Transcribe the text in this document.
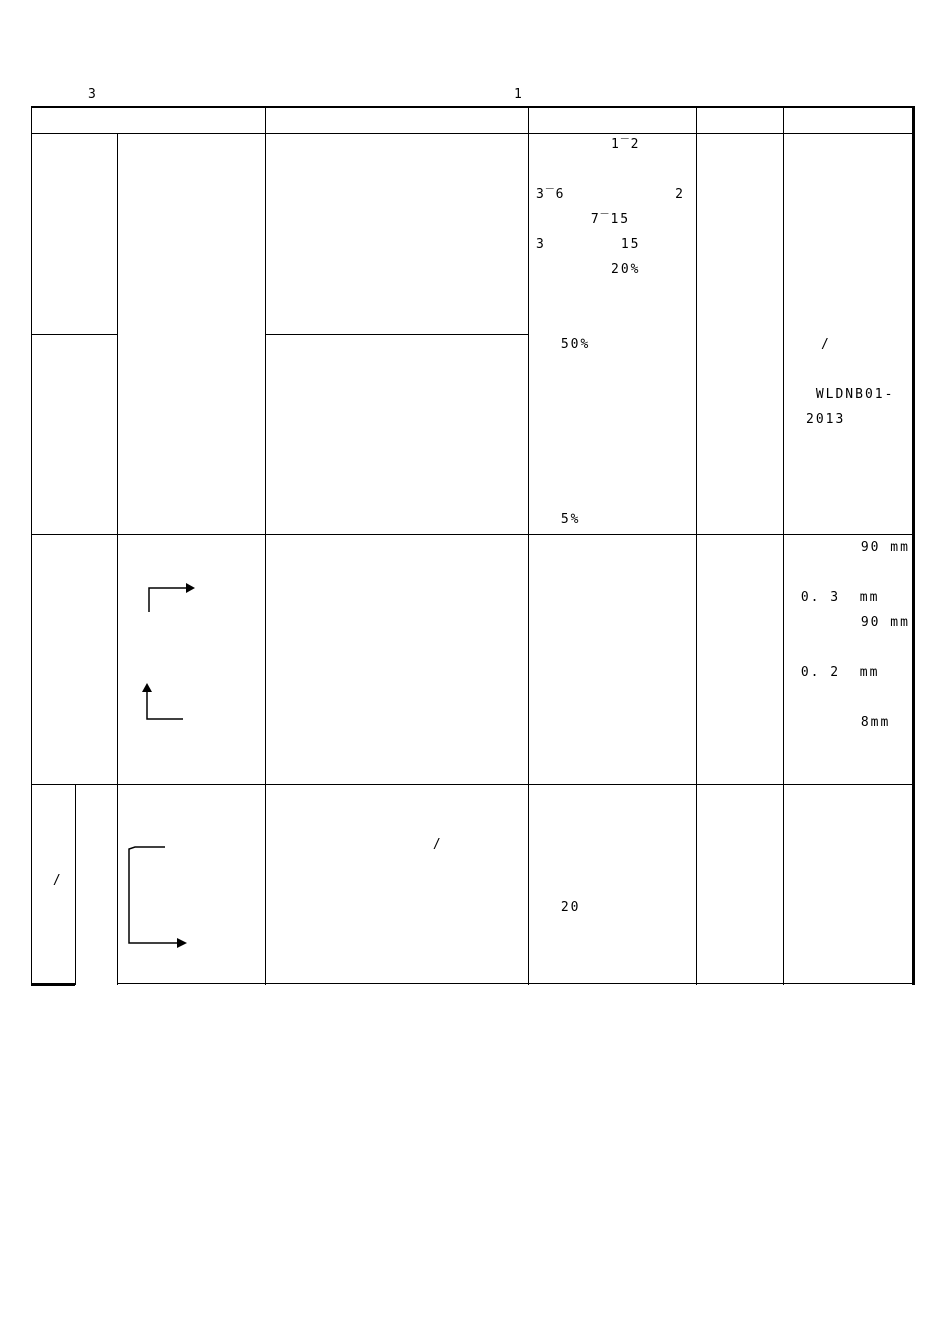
3 　　　　　　　　　　　　　　　　　　　　	1　

　　　　　1‾2　　　

3‾6 　　　　　　 2　
　　　 7‾15 　　　
3　　　　　15 　　　
　　　　　20%　　　

　 50%　　　　　

　 5%　

　　/　　　　　

　 WLDNB01-
　2013

　　　　 90 mm

0. 3  mm　
　　　　 90 mm

0. 2  mm　

　　　　 8mm

/

　　　　　　 /　　

　 20　　　
